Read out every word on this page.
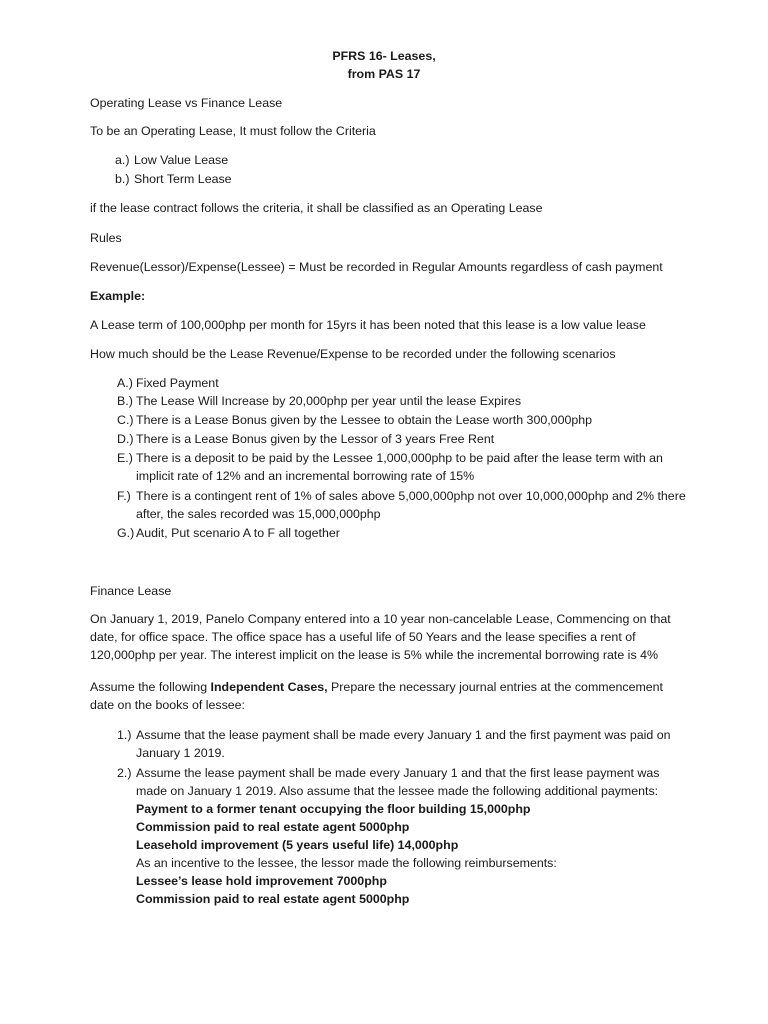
PFRS 16- Leases,
from PAS 17
Operating Lease vs Finance Lease
To be an Operating Lease, It must follow the Criteria
a.) Low Value Lease
b.) Short Term Lease
if the lease contract follows the criteria, it shall be classified as an Operating Lease
Rules
Revenue(Lessor)/Expense(Lessee) = Must be recorded in Regular Amounts regardless of cash payment
Example:
A Lease term of 100,000php per month for 15yrs it has been noted that this lease is a low value lease
How much should be the Lease Revenue/Expense to be recorded under the following scenarios
A.) Fixed Payment
B.) The Lease Will Increase by 20,000php per year until the lease Expires
C.) There is a Lease Bonus given by the Lessee to obtain the Lease worth 300,000php
D.) There is a Lease Bonus given by the Lessor of 3 years Free Rent
E.) There is a deposit to be paid by the Lessee 1,000,000php to be paid after the lease term with an implicit rate of 12% and an incremental borrowing rate of 15%
F.) There is a contingent rent of 1% of sales above 5,000,000php not over 10,000,000php and 2% there after, the sales recorded was 15,000,000php
G.) Audit, Put scenario A to F all together
Finance Lease
On January 1, 2019, Panelo Company entered into a 10 year non-cancelable Lease, Commencing on that date, for office space. The office space has a useful life of 50 Years and the lease specifies a rent of 120,000php per year. The interest implicit on the lease is 5% while the incremental borrowing rate is 4%
Assume the following Independent Cases, Prepare the necessary journal entries at the commencement date on the books of lessee:
1.) Assume that the lease payment shall be made every January 1 and the first payment was paid on January 1 2019.
2.) Assume the lease payment shall be made every January 1 and that the first lease payment was made on January 1 2019. Also assume that the lessee made the following additional payments:
Payment to a former tenant occupying the floor building 15,000php
Commission paid to real estate agent 5000php
Leasehold improvement (5 years useful life) 14,000php
As an incentive to the lessee, the lessor made the following reimbursements:
Lessee’s lease hold improvement 7000php
Commission paid to real estate agent 5000php
